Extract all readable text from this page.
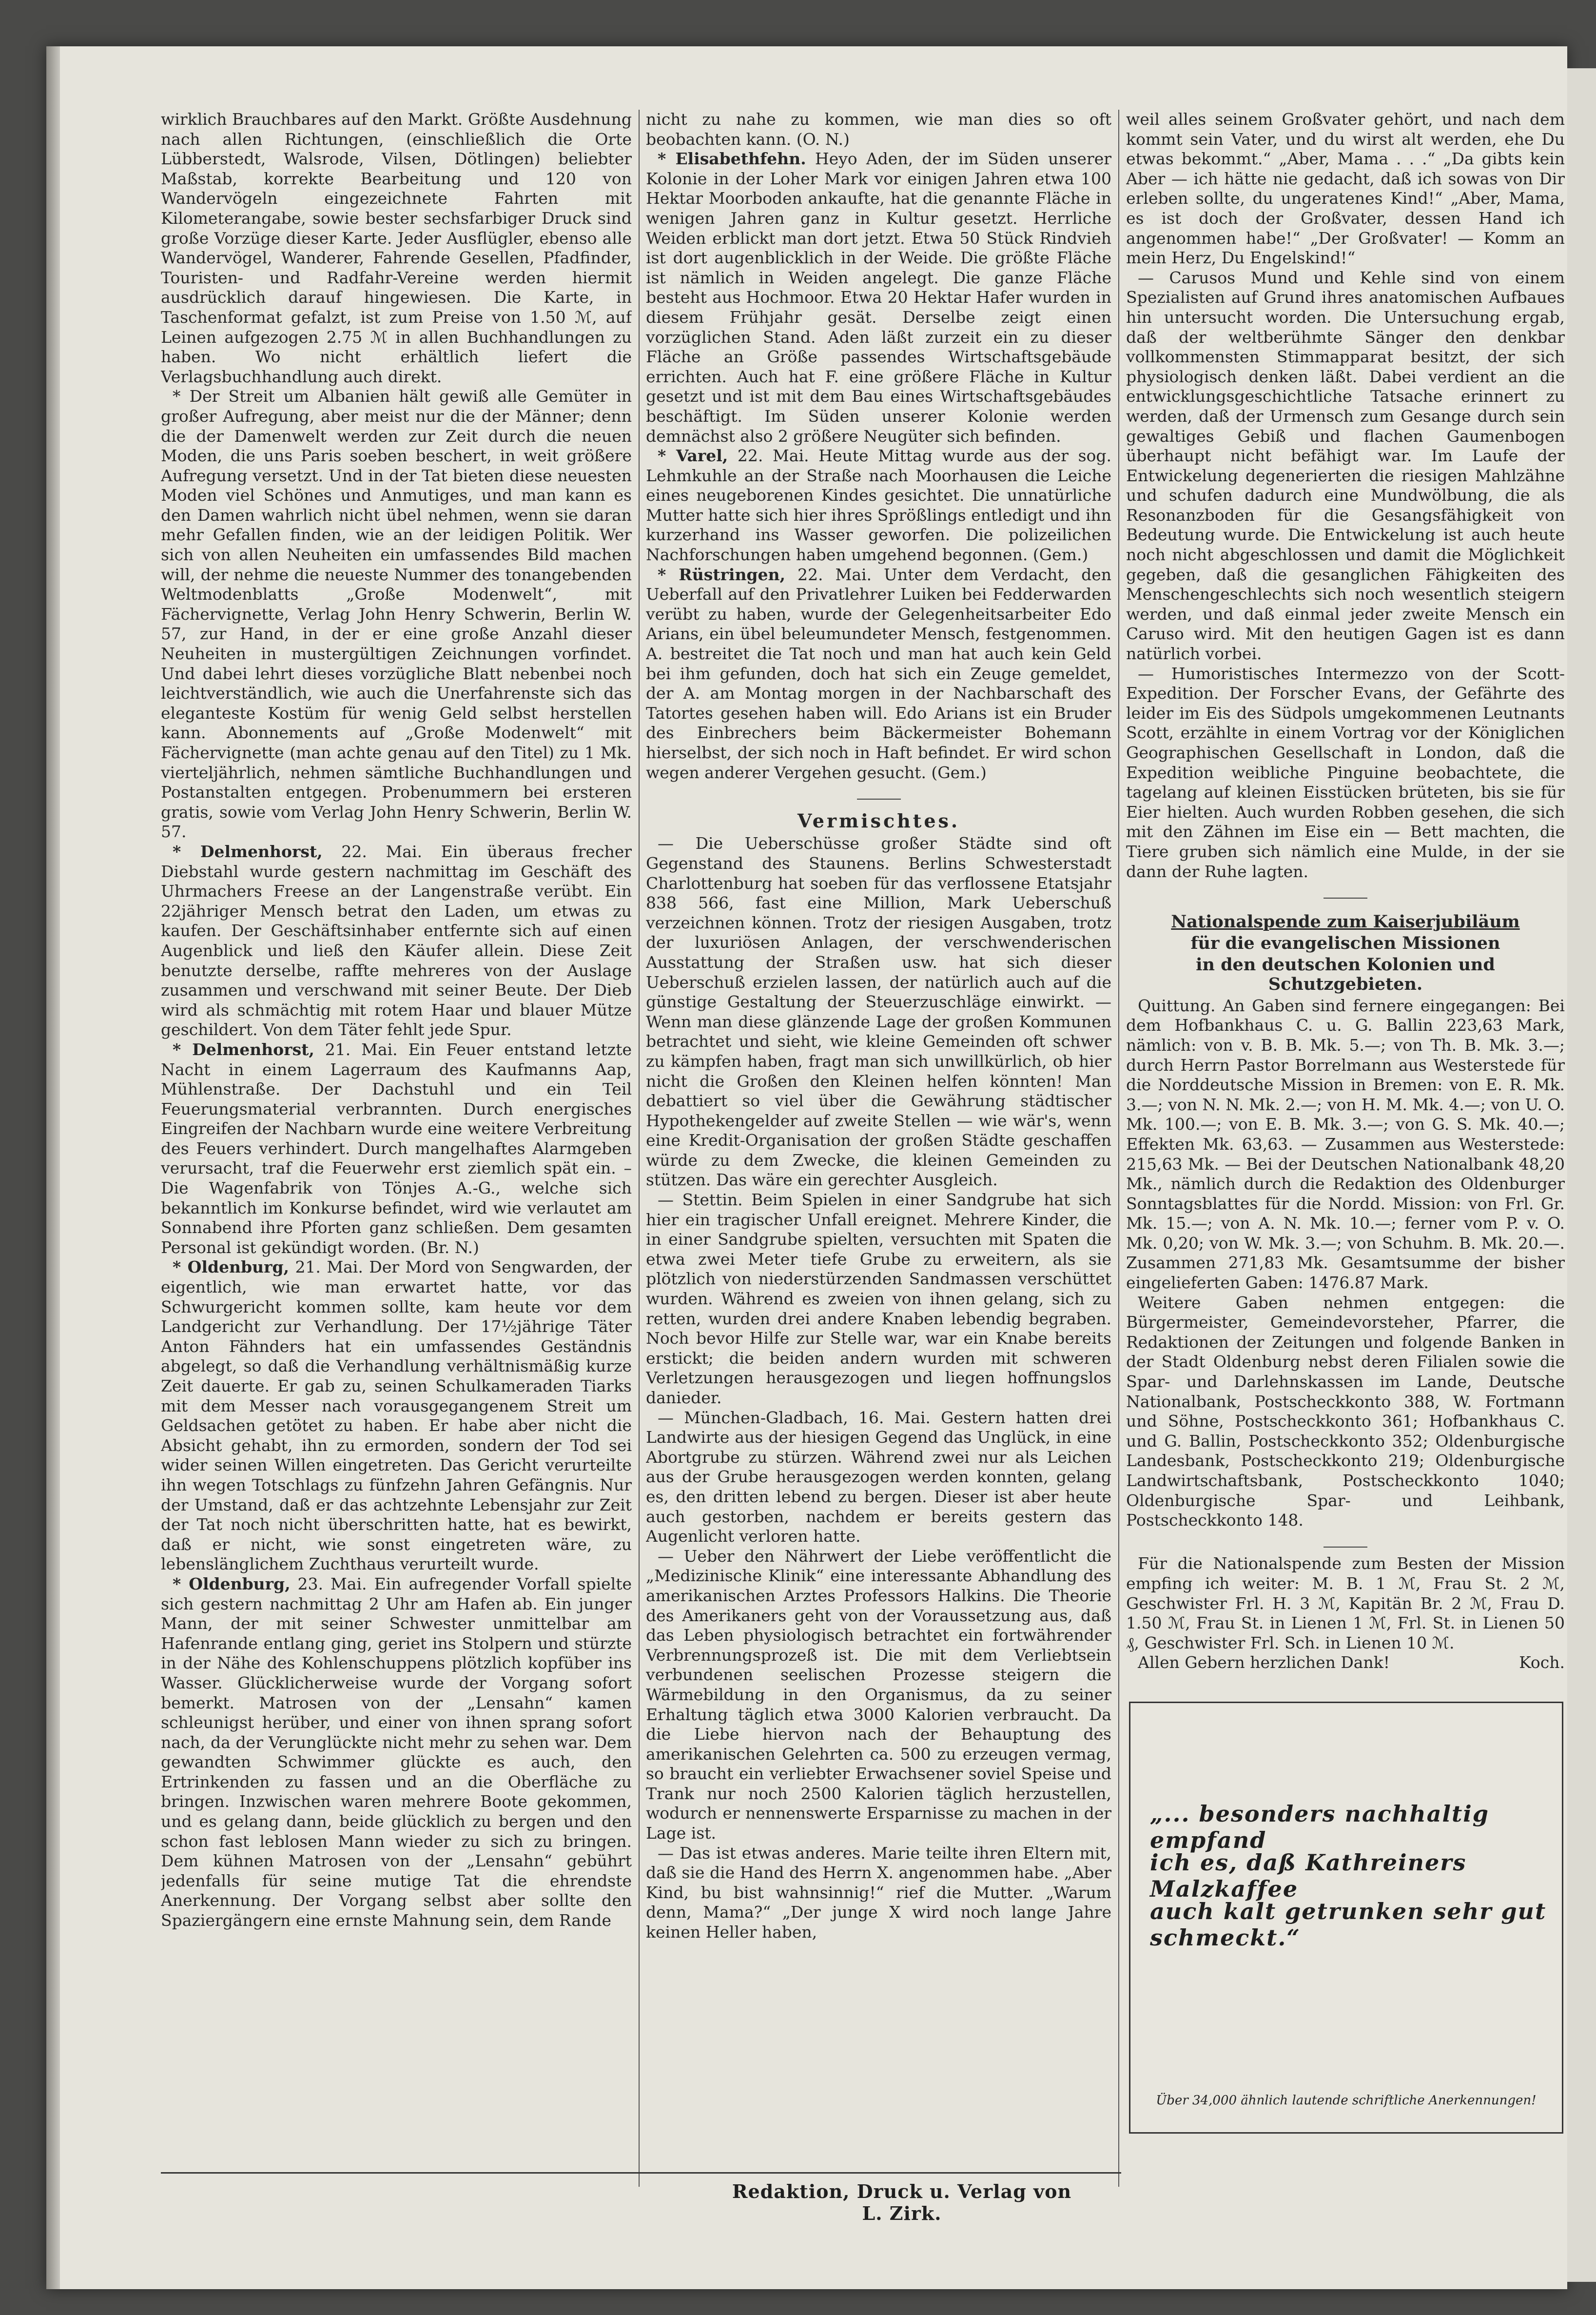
wirklich Brauchbares auf den Markt. Größte Ausdehnung nach allen Richtungen, (einschließlich die Orte Lübberstedt, Walsrode, Vilsen, Dötlingen) beliebter Maßstab, korrekte Bearbeitung und 120 von Wandervögeln eingezeichnete Fahrten mit Kilometerangabe, sowie bester sechsfarbiger Druck sind große Vorzüge dieser Karte. Jeder Ausflügler, ebenso alle Wandervögel, Wanderer, Fahrende Gesellen, Pfadfinder, Touristen- und Radfahr-Vereine werden hiermit ausdrücklich darauf hingewiesen. Die Karte, in Taschenformat gefalzt, ist zum Preise von 1.50 ℳ, auf Leinen aufgezogen 2.75 ℳ in allen Buchhandlungen zu haben. Wo nicht erhältlich liefert die Verlagsbuchhandlung auch direkt.

* Der Streit um Albanien hält gewiß alle Gemüter in großer Aufregung, aber meist nur die der Männer; denn die der Damenwelt werden zur Zeit durch die neuen Moden, die uns Paris soeben beschert, in weit größere Aufregung versetzt. Und in der Tat bieten diese neuesten Moden viel Schönes und Anmutiges, und man kann es den Damen wahrlich nicht übel nehmen, wenn sie daran mehr Gefallen finden, wie an der leidigen Politik. Wer sich von allen Neuheiten ein umfassendes Bild machen will, der nehme die neueste Nummer des tonangebenden Weltmodenblatts „Große Modenwelt“, mit Fächervignette, Verlag John Henry Schwerin, Berlin W. 57, zur Hand, in der er eine große Anzahl dieser Neuheiten in mustergültigen Zeichnungen vorfindet. Und dabei lehrt dieses vorzügliche Blatt nebenbei noch leichtverständlich, wie auch die Unerfahrenste sich das eleganteste Kostüm für wenig Geld selbst herstellen kann. Abonnements auf „Große Modenwelt“ mit Fächervignette (man achte genau auf den Titel) zu 1 Mk. vierteljährlich, nehmen sämtliche Buchhandlungen und Postanstalten entgegen. Probenummern bei ersteren gratis, sowie vom Verlag John Henry Schwerin, Berlin W. 57.

* Delmenhorst, 22. Mai. Ein überaus frecher Diebstahl wurde gestern nachmittag im Geschäft des Uhrmachers Freese an der Langenstraße verübt. Ein 22jähriger Mensch betrat den Laden, um etwas zu kaufen. Der Geschäftsinhaber entfernte sich auf einen Augenblick und ließ den Käufer allein. Diese Zeit benutzte derselbe, raffte mehreres von der Auslage zusammen und verschwand mit seiner Beute. Der Dieb wird als schmächtig mit rotem Haar und blauer Mütze geschildert. Von dem Täter fehlt jede Spur.

* Delmenhorst, 21. Mai. Ein Feuer entstand letzte Nacht in einem Lagerraum des Kaufmanns Aap, Mühlenstraße. Der Dachstuhl und ein Teil Feuerungsmaterial verbrannten. Durch energisches Eingreifen der Nachbarn wurde eine weitere Verbreitung des Feuers verhindert. Durch mangelhaftes Alarmgeben verursacht, traf die Feuerwehr erst ziemlich spät ein. – Die Wagenfabrik von Tönjes A.-G., welche sich bekanntlich im Konkurse befindet, wird wie verlautet am Sonnabend ihre Pforten ganz schließen. Dem gesamten Personal ist gekündigt worden. (Br. N.)

* Oldenburg, 21. Mai. Der Mord von Sengwarden, der eigentlich, wie man erwartet hatte, vor das Schwurgericht kommen sollte, kam heute vor dem Landgericht zur Verhandlung. Der 17½jährige Täter Anton Fähnders hat ein umfassendes Geständnis abgelegt, so daß die Verhandlung verhältnismäßig kurze Zeit dauerte. Er gab zu, seinen Schulkameraden Tiarks mit dem Messer nach vorausgegangenem Streit um Geldsachen getötet zu haben. Er habe aber nicht die Absicht gehabt, ihn zu ermorden, sondern der Tod sei wider seinen Willen eingetreten. Das Gericht verurteilte ihn wegen Totschlags zu fünfzehn Jahren Gefängnis. Nur der Umstand, daß er das achtzehnte Lebensjahr zur Zeit der Tat noch nicht überschritten hatte, hat es bewirkt, daß er nicht, wie sonst eingetreten wäre, zu lebenslänglichem Zuchthaus verurteilt wurde.

* Oldenburg, 23. Mai. Ein aufregender Vorfall spielte sich gestern nachmittag 2 Uhr am Hafen ab. Ein junger Mann, der mit seiner Schwester unmittelbar am Hafenrande entlang ging, geriet ins Stolpern und stürzte in der Nähe des Kohlenschuppens plötzlich kopfüber ins Wasser. Glücklicherweise wurde der Vorgang sofort bemerkt. Matrosen von der „Lensahn“ kamen schleunigst herüber, und einer von ihnen sprang sofort nach, da der Verunglückte nicht mehr zu sehen war. Dem gewandten Schwimmer glückte es auch, den Ertrinkenden zu fassen und an die Oberfläche zu bringen. Inzwischen waren mehrere Boote gekommen, und es gelang dann, beide glücklich zu bergen und den schon fast leblosen Mann wieder zu sich zu bringen. Dem kühnen Matrosen von der „Lensahn“ gebührt jedenfalls für seine mutige Tat die ehrendste Anerkennung. Der Vorgang selbst aber sollte den Spaziergängern eine ernste Mahnung sein, dem Rande

nicht zu nahe zu kommen, wie man dies so oft beobachten kann. (O. N.)

* Elisabethfehn. Heyo Aden, der im Süden unserer Kolonie in der Loher Mark vor einigen Jahren etwa 100 Hektar Moorboden ankaufte, hat die genannte Fläche in wenigen Jahren ganz in Kultur gesetzt. Herrliche Weiden erblickt man dort jetzt. Etwa 50 Stück Rindvieh ist dort augenblicklich in der Weide. Die größte Fläche ist nämlich in Weiden angelegt. Die ganze Fläche besteht aus Hochmoor. Etwa 20 Hektar Hafer wurden in diesem Frühjahr gesät. Derselbe zeigt einen vorzüglichen Stand. Aden läßt zurzeit ein zu dieser Fläche an Größe passendes Wirtschaftsgebäude errichten. Auch hat F. eine größere Fläche in Kultur gesetzt und ist mit dem Bau eines Wirtschaftsgebäudes beschäftigt. Im Süden unserer Kolonie werden demnächst also 2 größere Neugüter sich befinden.

* Varel, 22. Mai. Heute Mittag wurde aus der sog. Lehmkuhle an der Straße nach Moorhausen die Leiche eines neugeborenen Kindes gesichtet. Die unnatürliche Mutter hatte sich hier ihres Sprößlings entledigt und ihn kurzerhand ins Wasser geworfen. Die polizeilichen Nachforschungen haben umgehend begonnen. (Gem.)

* Rüstringen, 22. Mai. Unter dem Verdacht, den Ueberfall auf den Privatlehrer Luiken bei Fedderwarden verübt zu haben, wurde der Gelegenheitsarbeiter Edo Arians, ein übel beleumundeter Mensch, festgenommen. A. bestreitet die Tat noch und man hat auch kein Geld bei ihm gefunden, doch hat sich ein Zeuge gemeldet, der A. am Montag morgen in der Nachbarschaft des Tatortes gesehen haben will. Edo Arians ist ein Bruder des Einbrechers beim Bäckermeister Bohemann hierselbst, der sich noch in Haft befindet. Er wird schon wegen anderer Vergehen gesucht. (Gem.)

Vermischtes.

— Die Ueberschüsse großer Städte sind oft Gegenstand des Staunens. Berlins Schwesterstadt Charlottenburg hat soeben für das verflossene Etatsjahr 838 566, fast eine Million, Mark Ueberschuß verzeichnen können. Trotz der riesigen Ausgaben, trotz der luxuriösen Anlagen, der verschwenderischen Ausstattung der Straßen usw. hat sich dieser Ueberschuß erzielen lassen, der natürlich auch auf die günstige Gestaltung der Steuerzuschläge einwirkt. — Wenn man diese glänzende Lage der großen Kommunen betrachtet und sieht, wie kleine Gemeinden oft schwer zu kämpfen haben, fragt man sich unwillkürlich, ob hier nicht die Großen den Kleinen helfen könnten! Man debattiert so viel über die Gewährung städtischer Hypothekengelder auf zweite Stellen — wie wär's, wenn eine Kredit-Organisation der großen Städte geschaffen würde zu dem Zwecke, die kleinen Gemeinden zu stützen. Das wäre ein gerechter Ausgleich.

— Stettin. Beim Spielen in einer Sandgrube hat sich hier ein tragischer Unfall ereignet. Mehrere Kinder, die in einer Sandgrube spielten, versuchten mit Spaten die etwa zwei Meter tiefe Grube zu erweitern, als sie plötzlich von niederstürzenden Sandmassen verschüttet wurden. Während es zweien von ihnen gelang, sich zu retten, wurden drei andere Knaben lebendig begraben. Noch bevor Hilfe zur Stelle war, war ein Knabe bereits erstickt; die beiden andern wurden mit schweren Verletzungen herausgezogen und liegen hoffnungslos danieder.

— München-Gladbach, 16. Mai. Gestern hatten drei Landwirte aus der hiesigen Gegend das Unglück, in eine Abortgrube zu stürzen. Während zwei nur als Leichen aus der Grube herausgezogen werden konnten, gelang es, den dritten lebend zu bergen. Dieser ist aber heute auch gestorben, nachdem er bereits gestern das Augenlicht verloren hatte.

— Ueber den Nährwert der Liebe veröffentlicht die „Medizinische Klinik“ eine interessante Abhandlung des amerikanischen Arztes Professors Halkins. Die Theorie des Amerikaners geht von der Voraussetzung aus, daß das Leben physiologisch betrachtet ein fortwährender Verbrennungsprozeß ist. Die mit dem Verliebtsein verbundenen seelischen Prozesse steigern die Wärmebildung in den Organismus, da zu seiner Erhaltung täglich etwa 3000 Kalorien verbraucht. Da die Liebe hiervon nach der Behauptung des amerikanischen Gelehrten ca. 500 zu erzeugen vermag, so braucht ein verliebter Erwachsener soviel Speise und Trank nur noch 2500 Kalorien täglich herzustellen, wodurch er nennenswerte Ersparnisse zu machen in der Lage ist.

— Das ist etwas anderes. Marie teilte ihren Eltern mit, daß sie die Hand des Herrn X. angenommen habe. „Aber Kind, bu bist wahnsinnig!“ rief die Mutter. „Warum denn, Mama?“ „Der junge X wird noch lange Jahre keinen Heller haben,

weil alles seinem Großvater gehört, und nach dem kommt sein Vater, und du wirst alt werden, ehe Du etwas bekommt.“ „Aber, Mama . . .“ „Da gibts kein Aber — ich hätte nie gedacht, daß ich sowas von Dir erleben sollte, du ungeratenes Kind!“ „Aber, Mama, es ist doch der Großvater, dessen Hand ich angenommen habe!“ „Der Großvater! — Komm an mein Herz, Du Engelskind!“

— Carusos Mund und Kehle sind von einem Spezialisten auf Grund ihres anatomischen Aufbaues hin untersucht worden. Die Untersuchung ergab, daß der weltberühmte Sänger den denkbar vollkommensten Stimmapparat besitzt, der sich physiologisch denken läßt. Dabei verdient an die entwicklungsgeschichtliche Tatsache erinnert zu werden, daß der Urmensch zum Gesange durch sein gewaltiges Gebiß und flachen Gaumenbogen überhaupt nicht befähigt war. Im Laufe der Entwickelung degenerierten die riesigen Mahlzähne und schufen dadurch eine Mundwölbung, die als Resonanzboden für die Gesangsfähigkeit von Bedeutung wurde. Die Entwickelung ist auch heute noch nicht abgeschlossen und damit die Möglichkeit gegeben, daß die gesanglichen Fähigkeiten des Menschengeschlechts sich noch wesentlich steigern werden, und daß einmal jeder zweite Mensch ein Caruso wird. Mit den heutigen Gagen ist es dann natürlich vorbei.

— Humoristisches Intermezzo von der Scott-Expedition. Der Forscher Evans, der Gefährte des leider im Eis des Südpols umgekommenen Leutnants Scott, erzählte in einem Vortrag vor der Königlichen Geographischen Gesellschaft in London, daß die Expedition weibliche Pinguine beobachtete, die tagelang auf kleinen Eisstücken brüteten, bis sie für Eier hielten. Auch wurden Robben gesehen, die sich mit den Zähnen im Eise ein — Bett machten, die Tiere gruben sich nämlich eine Mulde, in der sie dann der Ruhe lagten.

Nationalspende zum Kaiserjubiläum
für die evangelischen Missionen
in den deutschen Kolonien und Schutzgebieten.

Quittung. An Gaben sind fernere eingegangen: Bei dem Hofbankhaus C. u. G. Ballin 223,63 Mark, nämlich: von v. B. B. Mk. 5.—; von Th. B. Mk. 3.—; durch Herrn Pastor Borrelmann aus Westerstede für die Norddeutsche Mission in Bremen: von E. R. Mk. 3.—; von N. N. Mk. 2.—; von H. M. Mk. 4.—; von U. O. Mk. 100.—; von E. B. Mk. 3.—; von G. S. Mk. 40.—; Effekten Mk. 63,63. — Zusammen aus Westerstede: 215,63 Mk. — Bei der Deutschen Nationalbank 48,20 Mk., nämlich durch die Redaktion des Oldenburger Sonntagsblattes für die Nordd. Mission: von Frl. Gr. Mk. 15.—; von A. N. Mk. 10.—; ferner vom P. v. O. Mk. 0,20; von W. Mk. 3.—; von Schuhm. B. Mk. 20.—. Zusammen 271,83 Mk. Gesamtsumme der bisher eingelieferten Gaben: 1476.87 Mark.

Weitere Gaben nehmen entgegen: die Bürgermeister, Gemeindevorsteher, Pfarrer, die Redaktionen der Zeitungen und folgende Banken in der Stadt Oldenburg nebst deren Filialen sowie die Spar- und Darlehnskassen im Lande, Deutsche Nationalbank, Postscheckkonto 388, W. Fortmann und Söhne, Postscheckkonto 361; Hofbankhaus C. und G. Ballin, Postscheckkonto 352; Oldenburgische Landesbank, Postscheckkonto 219; Oldenburgische Landwirtschaftsbank, Postscheckkonto 1040; Oldenburgische Spar- und Leihbank, Postscheckkonto 148.

Für die Nationalspende zum Besten der Mission empfing ich weiter: M. B. 1 ℳ, Frau St. 2 ℳ, Geschwister Frl. H. 3 ℳ, Kapitän Br. 2 ℳ, Frau D. 1.50 ℳ, Frau St. in Lienen 1 ℳ, Frl. St. in Lienen 50 ₰, Geschwister Frl. Sch. in Lienen 10 ℳ.

Allen Gebern herzlichen Dank!	Koch.

„... besonders nachhaltig empfand
ich es, daß Kathreiners Malzkaffee
auch kalt getrunken sehr gut schmeckt.“
Über 34,000 ähnlich lautende schriftliche Anerkennungen!
Redaktion, Druck u. Verlag von L. Zirk.
